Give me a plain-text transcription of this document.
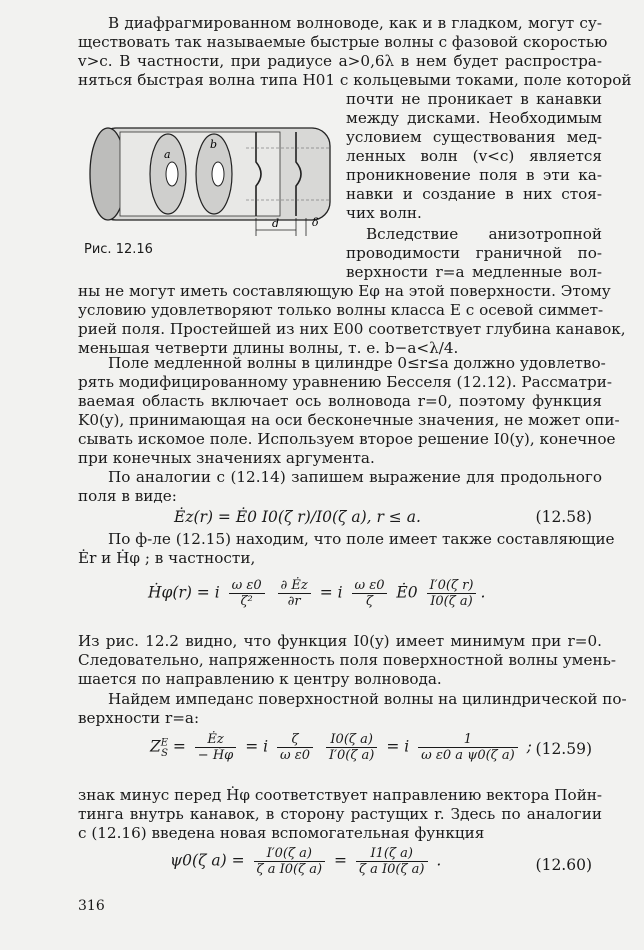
В диафрагмированном волноводе, как и в гладком, могут су-
ществовать так называемые быстрые волны с фазовой скоростью
v>c. В частности, при радиусе a>0,6λ в нем будет распростра-
няться быстрая волна типа H01 с кольцевыми токами, поле которой
a
b
d	δ
Рис. 12.16
почти не проникает в канавки
между дисками. Необходимым
условием существования мед-
ленных волн (v<c) является
проникновение поля в эти ка-
навки и создание в них стоя-
чих волн.
Вследствие анизотропной
проводимости граничной по-
верхности r=a медленные вол-
ны не могут иметь составляющую Eφ на этой поверхности. Этому
условию удовлетворяют только волны класса E с осевой симмет-
рией поля. Простейшей из них E00 соответствует глубина канавок,
меньшая четверти длины волны, т. е. b−a<λ/4.
Поле медленной волны в цилиндре 0≤r≤a должно удовлетво-
рять модифицированному уравнению Бесселя (12.12). Рассматри-
ваемая область включает ось волновода r=0, поэтому функция
K0(y), принимающая на оси бесконечные значения, не может опи-
сывать искомое поле. Используем второе решение I0(y), конечное
при конечных значениях аргумента.
По аналогии с (12.14) запишем выражение для продольного
поля в виде:
Ėz(r) = Ė0 I0(ζ r)/I0(ζ a), r ≤ a.	(12.58)
По ф-ле (12.15) находим, что поле имеет также составляющие
Ėr и Ḣφ ; в частности,
Ḣφ(r) = i $\frac{\text{ω ε0}}{\text{ζ²}}$
$\frac{\partial Ėz}{\partial r} = i \frac{\text{ω ε0}}{\zeta}$ Ė0 $\frac{\text{I′0(ζ r)}}{\text{I0(ζ a)}}$ .
Из рис. 12.2 видно, что функция I0(y) имеет минимум при r=0.
Следовательно, напряженность поля поверхностной волны умень-
шается по направлению к центру волновода.
Найдем импеданс поверхностной волны на цилиндрической по-
верхности r=a:
$Z^E_S = \frac{Ėz}{\text{− Ḣφ}} = i \frac{\zeta}{\text{ω ε0}}$
$\frac{\text{I0(ζ a)}}{\text{I′0(ζ a)}} = i \frac{1}{\text{ω ε0 a ψ0(ζ a)}}$ ; (12.59)
знак минус перед Ḣφ соответствует направлению вектора Пойн-
тинга внутрь канавок, в сторону растущих r. Здесь по аналогии
с (12.16) введена новая вспомогательная функция
ψ0(ζ $a) = \frac{\text{I′0(ζ a)}}{\text{ζ a I0(ζ a)}} = \frac{\text{I1(ζ a)}}{\text{ζ a I0(ζ a)}}$ .	(12.60)
316
